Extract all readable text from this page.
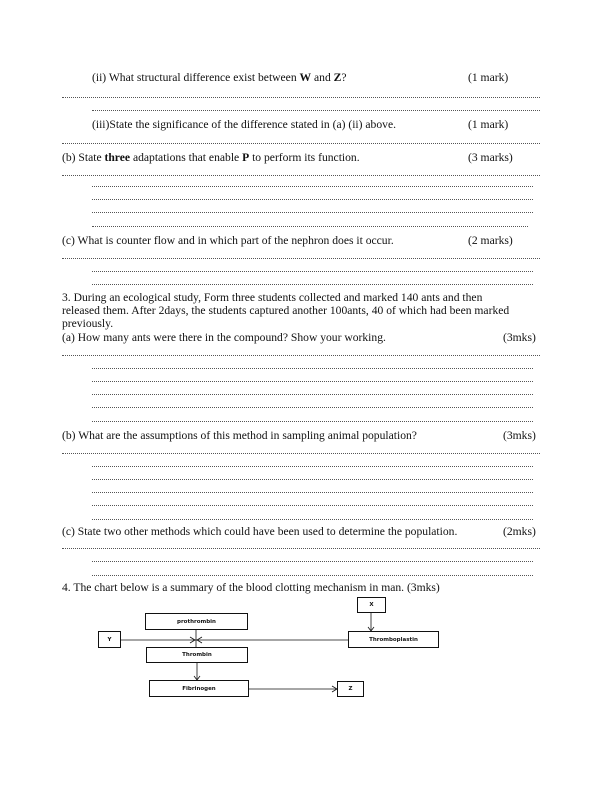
(ii) What structural difference exist between W and Z?	(1 mark)
(iii)State the significance of the difference stated in (a) (ii) above.	(1 mark)
(b) State three adaptations that enable P to perform its function.	(3 marks)
(c) What is counter flow and in which part of the nephron does it occur.	(2 marks)
3. During an ecological study, Form three students collected and marked 140 ants and then
released them. After 2days, the students captured another 100ants, 40 of which had been marked
previously.
(a) How many ants were there in the compound? Show your working.	(3mks)
(b) What are the assumptions of this method in sampling animal population?	(3mks)
(c) State two other methods which could have been used to determine the population.	(2mks)
4. The chart below is a summary of the blood clotting mechanism in man. (3mks)
X
prothrombin
Y	Thromboplastin
Thrombin
Fibrinogen	Z
